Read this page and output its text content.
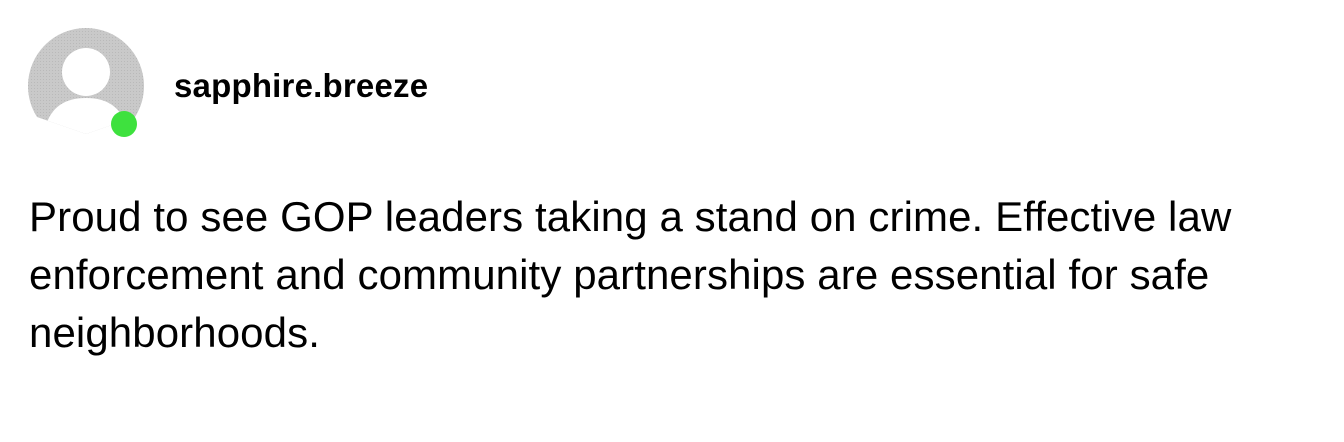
sapphire.breeze
Proud to see GOP leaders taking a stand on crime. Effective law enforcement and community partnerships are essential for safe neighborhoods.
